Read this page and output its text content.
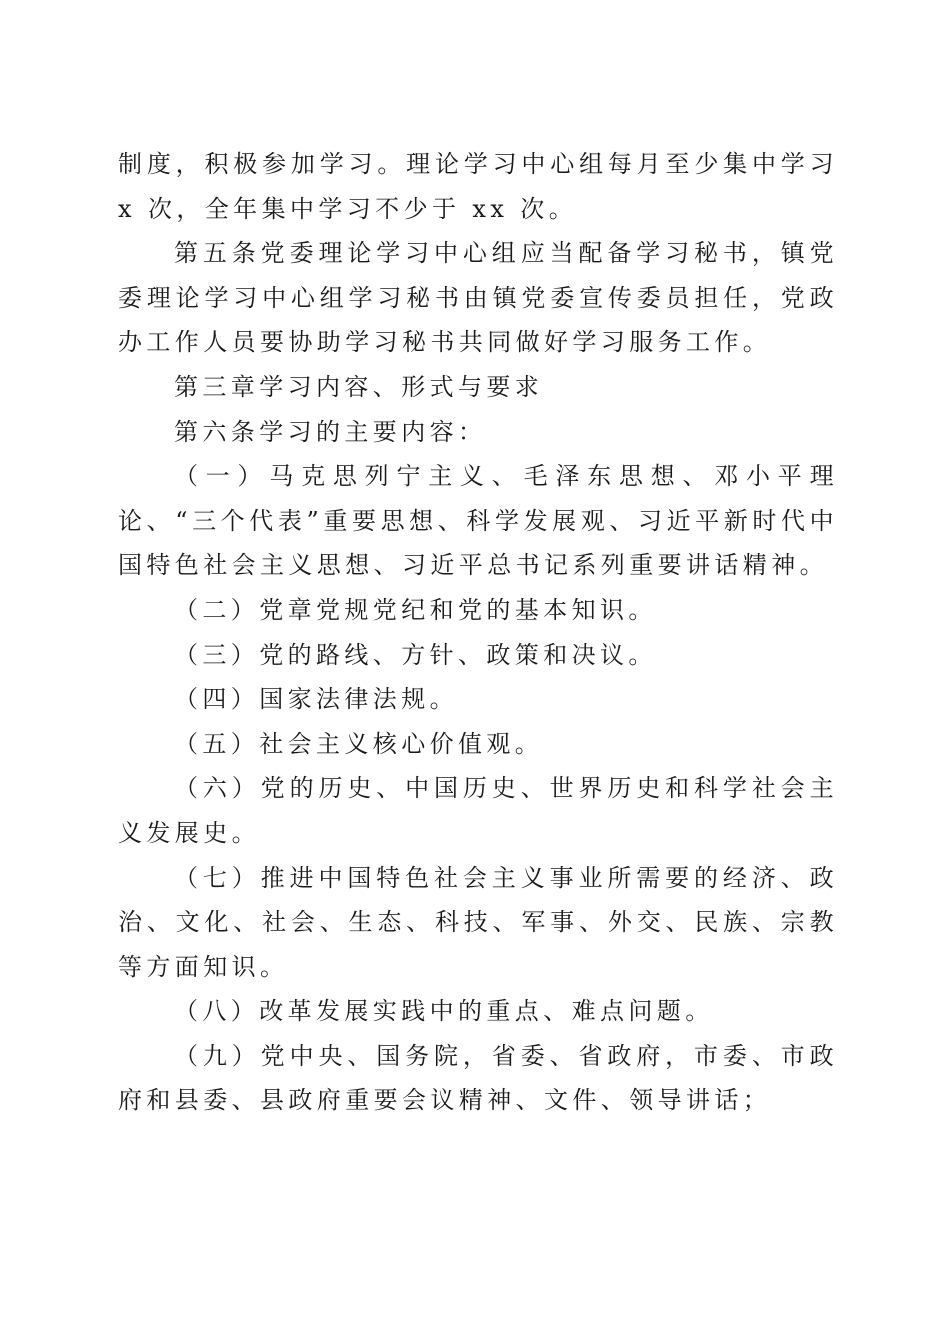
制度，积极参加学习。理论学习中心组每月至少集中学习 x 次，全年集中学习不少于 xx 次。

第五条党委理论学习中心组应当配备学习秘书，镇党委理论学习中心组学习秘书由镇党委宣传委员担任，党政办工作人员要协助学习秘书共同做好学习服务工作。

第三章学习内容、形式与要求

第六条学习的主要内容：

（一）马克思列宁主义、毛泽东思想、邓小平理论、“三个代表”重要思想、科学发展观、习近平新时代中国特色社会主义思想、习近平总书记系列重要讲话精神。

（二）党章党规党纪和党的基本知识。

（三）党的路线、方针、政策和决议。

（四）国家法律法规。

（五）社会主义核心价值观。

（六）党的历史、中国历史、世界历史和科学社会主义发展史。

（七）推进中国特色社会主义事业所需要的经济、政治、文化、社会、生态、科技、军事、外交、民族、宗教等方面知识。

（八）改革发展实践中的重点、难点问题。

（九）党中央、国务院，省委、省政府，市委、市政府和县委、县政府重要会议精神、文件、领导讲话；
